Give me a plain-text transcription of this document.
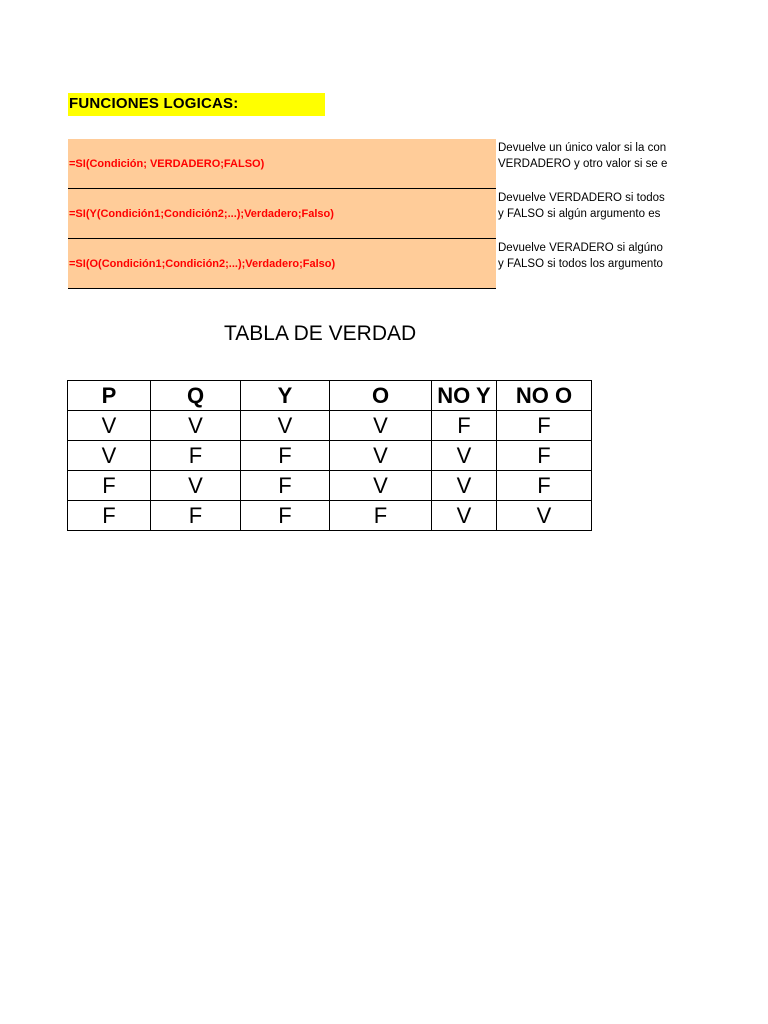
FUNCIONES LOGICAS:
=SI(Condición; VERDADERO;FALSO)
Devuelve un único valor si la con
VERDADERO y otro valor si se e
=SI(Y(Condición1;Condición2;...);Verdadero;Falso)
Devuelve VERDADERO si todos
y FALSO si algún argumento es
=SI(O(Condición1;Condición2;...);Verdadero;Falso)
Devuelve VERADERO si algúno
y FALSO si todos los argumento
TABLA DE VERDAD
P	Q	Y	O	NO Y	NO O
V	V	V	V	F	F
V	F	F	V	V	F
F	V	F	V	V	F
F	F	F	F	V	V
